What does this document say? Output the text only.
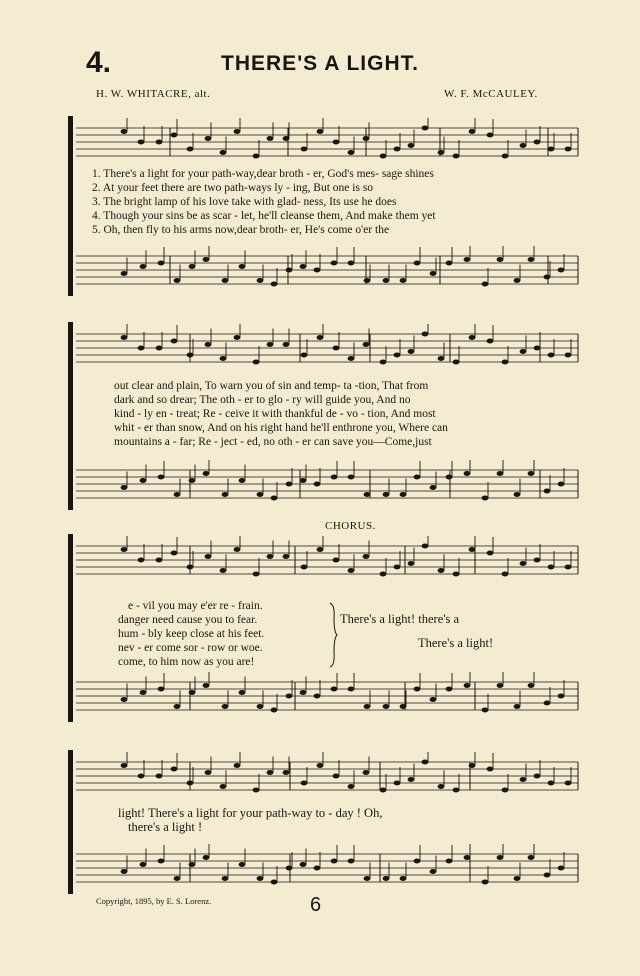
4.	THERE'S A LIGHT.
H. W. WHITACRE, alt.	W. F. McCAULEY.
1. There's a light for your path-way,dear broth - er, God's mes- sage shines
2. At your feet there are two path-ways ly - ing, But one is so
3. The bright lamp of his love take with glad- ness, Its use he does
4. Though your sins be as scar - let, he'll cleanse them, And make them yet
5. Oh, then fly to his arms now,dear broth- er, He's come o'er the
out clear and plain, To warn you of sin and temp- ta -tion, That from
dark and so drear; The oth - er to glo - ry will guide you, And no
kind - ly en - treat; Re - ceive it with thankful de - vo - tion, And most
whit - er than snow, And on his right hand he'll enthrone you, Where can
mountains a - far; Re - ject - ed, no oth - er can save you—Come,just
CHORUS.
e - vil you may e'er re - frain.
danger need cause you to fear.
hum - bly keep close at his feet.
nev - er come sor - row or woe.
come, to him now as you are!
There's a light! there's a
There's a light!
light! There's a light for your path-way to - day ! Oh,
there's a light !
Copyright, 1895, by E. S. Lorenz.	6
